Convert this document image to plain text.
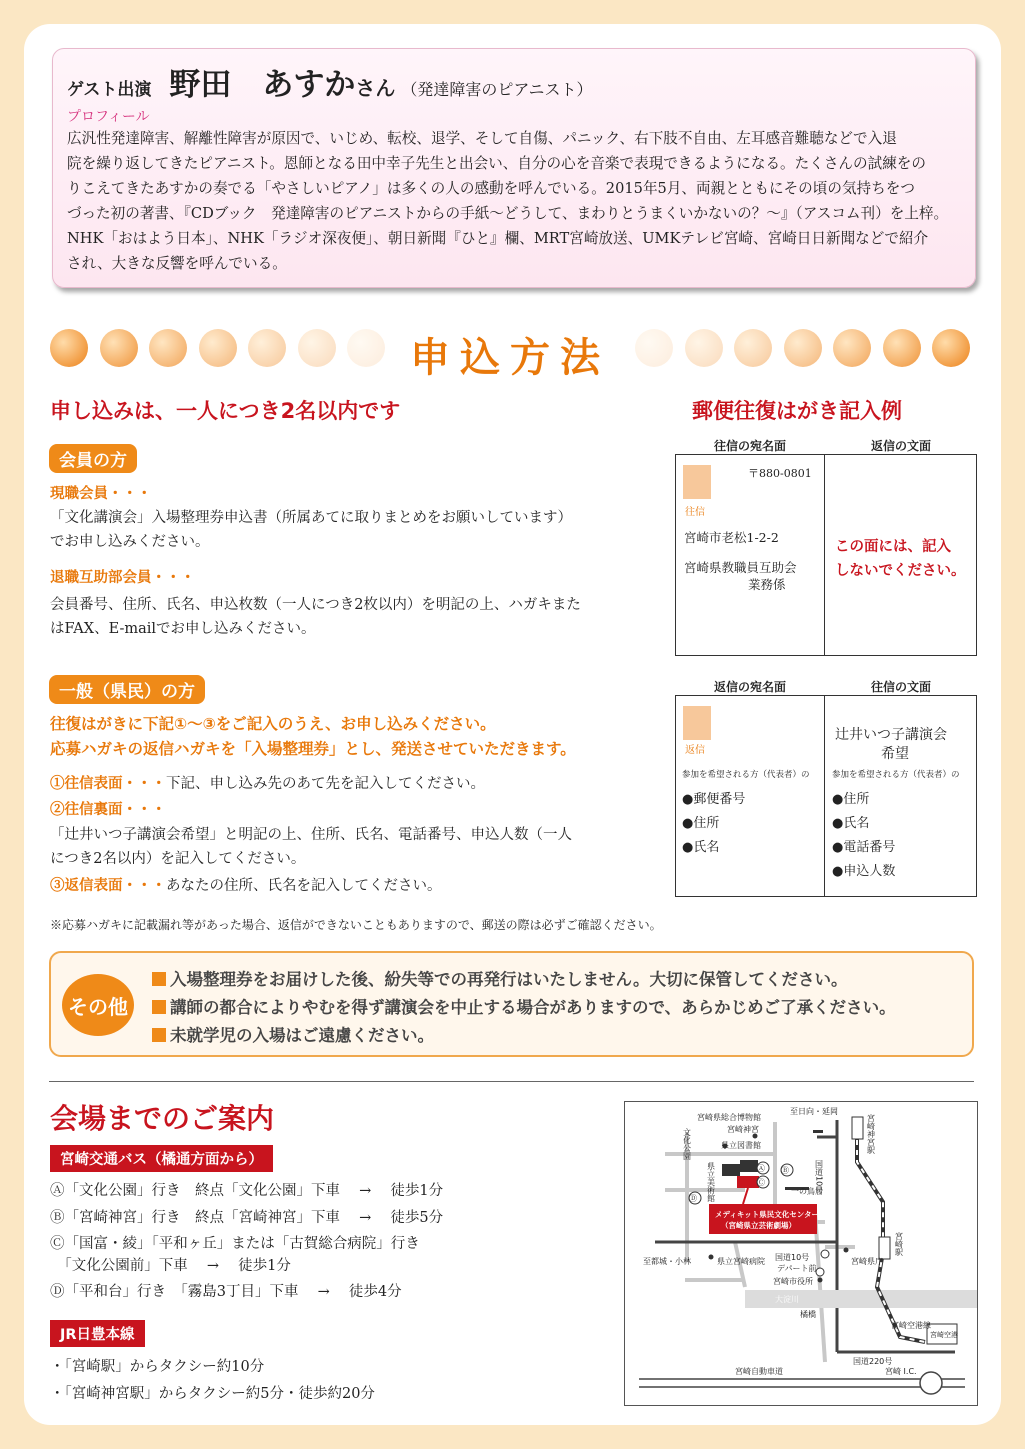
ゲスト出演 野田　あすかさん （発達障害のピアニスト）
プロフィール
広汎性発達障害、解離性障害が原因で、いじめ、転校、退学、そして自傷、パニック、右下肢不自由、左耳感音難聴などで入退
院を繰り返してきたピアニスト。恩師となる田中幸子先生と出会い、自分の心を音楽で表現できるようになる。たくさんの試練をの
りこえてきたあすかの奏でる「やさしいピアノ」は多くの人の感動を呼んでいる。2015年5月、両親とともにその頃の気持ちをつ
づった初の著書、『CDブック　発達障害のピアニストからの手紙～どうして、まわりとうまくいかないの？～』（アスコム刊）を上梓。
NHK「おはよう日本」、NHK「ラジオ深夜便」、朝日新聞『ひと』欄、MRT宮崎放送、UMKテレビ宮崎、宮崎日日新聞などで紹介
され、大きな反響を呼んでいる。
申込方法
申し込みは、一人につき2名以内です	郵便往復はがき記入例
会員の方
現職会員・・・
「文化講演会」入場整理券申込書（所属あてに取りまとめをお願いしています）
でお申し込みください。
退職互助部会員・・・
会員番号、住所、氏名、申込枚数（一人につき2枚以内）を明記の上、ハガキまた
はFAX、E-mailでお申し込みください。
一般（県民）の方
往復はがきに下記①～③をご記入のうえ、お申し込みください。
応募ハガキの返信ハガキを「入場整理券」とし、発送させていただきます。
①往信表面・・・下記、申し込み先のあて先を記入してください。
②往信裏面・・・
「辻井いつ子講演会希望」と明記の上、住所、氏名、電話番号、申込人数（一人
につき2名以内）を記入してください。
③返信表面・・・あなたの住所、氏名を記入してください。
※応募ハガキに記載漏れ等があった場合、返信ができないこともありますので、郵送の際は必ずご確認ください。
往信の宛名面	返信の文面
〒880-0801
往信
宮崎市老松1-2-2
宮崎県教職員互助会
業務係
この面には、記入
しないでください。
返信の宛名面	往信の文面
返信
参加を希望される方（代表者）の
●郵便番号
●住所
●氏名
辻井いつ子講演会
希望
参加を希望される方（代表者）の
●住所
●氏名
●電話番号
●申込人数
その他
入場整理券をお届けした後、紛失等での再発行はいたしません。大切に保管してください。
講師の都合によりやむを得ず講演会を中止する場合がありますので、あらかじめご了承ください。
未就学児の入場はご遠慮ください。
会場までのご案内
宮崎交通バス（橘通方面から）
Ⓐ「文化公園」行き　終点「文化公園」下車　 →　 徒歩1分
Ⓑ「宮崎神宮」行き　終点「宮崎神宮」下車　 →　 徒歩5分
Ⓒ「国富・綾」「平和ヶ丘」または「古賀総合病院」行き
　「文化公園前」下車　 →　 徒歩1分
Ⓓ「平和台」行き　「霧島3丁目」下車　 →　 徒歩4分
JR日豊本線
・「宮崎駅」からタクシー約10分
・「宮崎神宮駅」からタクシー約5分・徒歩約20分
宮崎県総合博物館
至日向・延岡
宮崎神宮
県立図書館
一の鳥居
メディキット県民文化センター
（宮崎県立芸術劇場）
至都城・小林	県立宮崎病院 国道10号
デパート前
宮崎県庁
宮崎市役所
大淀川
橘橋
宮崎空港線
宮崎空港
国道220号
宮崎自動車道	宮崎 I.C.
Ⓐ Ⓑ
Ⓒ
Ⓓ
文化公園
県立美術館	国道10号
宮崎神宮駅
宮崎駅
